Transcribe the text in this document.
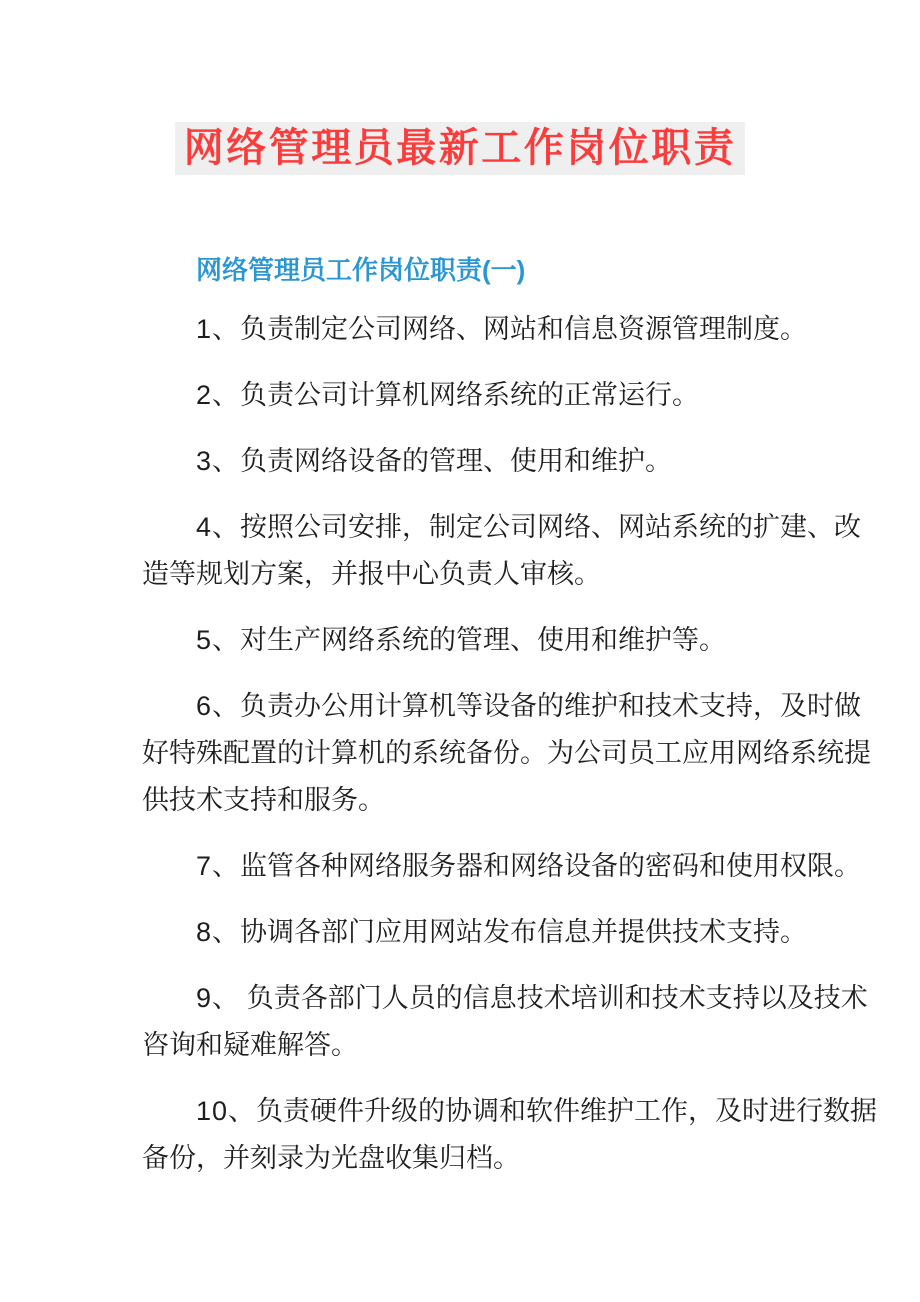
网络管理员最新工作岗位职责
网络管理员工作岗位职责(一)
1、负责制定公司网络、网站和信息资源管理制度。
2、负责公司计算机网络系统的正常运行。
3、负责网络设备的管理、使用和维护。
4、按照公司安排，制定公司网络、网站系统的扩建、改
造等规划方案，并报中心负责人审核。
5、对生产网络系统的管理、使用和维护等。
6、负责办公用计算机等设备的维护和技术支持，及时做
好特殊配置的计算机的系统备份。为公司员工应用网络系统提
供技术支持和服务。
7、监管各种网络服务器和网络设备的密码和使用权限。
8、协调各部门应用网站发布信息并提供技术支持。
9、 负责各部门人员的信息技术培训和技术支持以及技术
咨询和疑难解答。
10、负责硬件升级的协调和软件维护工作，及时进行数据
备份，并刻录为光盘收集归档。
